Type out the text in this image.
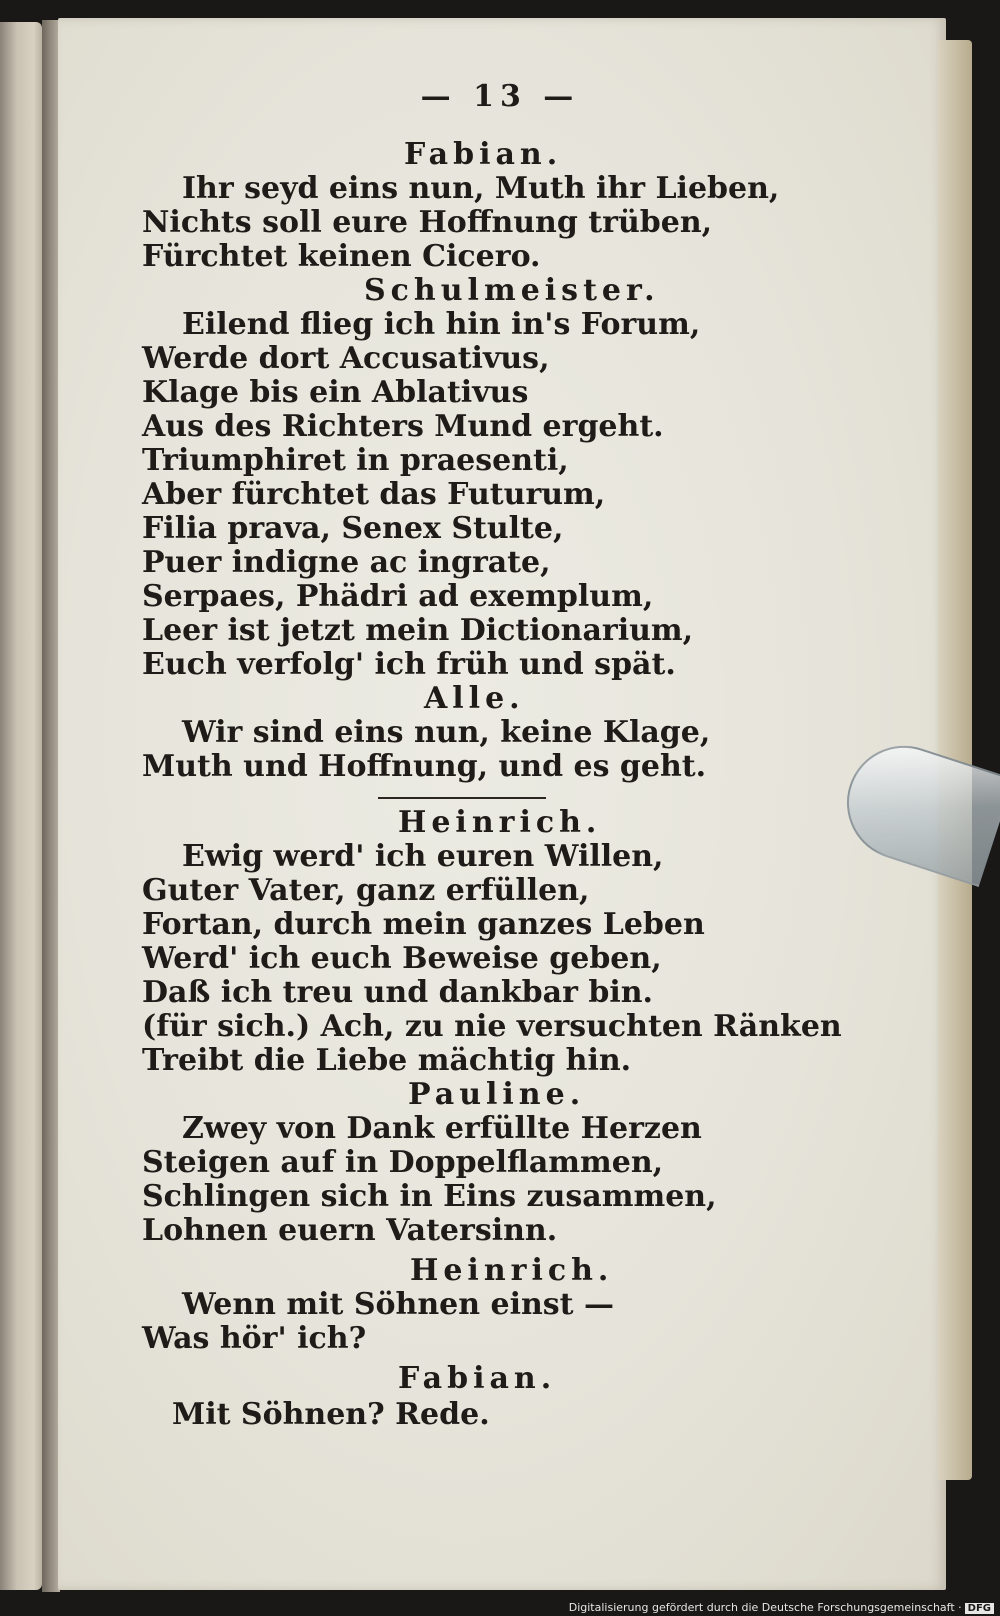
— 13 —
Fabian.
Ihr seyd eins nun, Muth ihr Lieben,
Nichts soll eure Hoffnung trüben,
Fürchtet keinen Cicero.
Schulmeister.
Eilend flieg ich hin in's Forum,
Werde dort Accusativus,
Klage bis ein Ablativus
Aus des Richters Mund ergeht.
Triumphiret in praesenti,
Aber fürchtet das Futurum,
Filia prava, Senex Stulte,
Puer indigne ac ingrate,
Serpaes, Phädri ad exemplum,
Leer ist jetzt mein Dictionarium,
Euch verfolg' ich früh und spät.
Alle.
Wir sind eins nun, keine Klage,
Muth und Hoffnung, und es geht.
Heinrich.
Ewig werd' ich euren Willen,
Guter Vater, ganz erfüllen,
Fortan, durch mein ganzes Leben
Werd' ich euch Beweise geben,
Daß ich treu und dankbar bin.
(für sich.) Ach, zu nie versuchten Ränken
Treibt die Liebe mächtig hin.
Pauline.
Zwey von Dank erfüllte Herzen
Steigen auf in Doppelflammen,
Schlingen sich in Eins zusammen,
Lohnen euern Vatersinn.
Heinrich.
Wenn mit Söhnen einst —
Was hör' ich?
Fabian.
Mit Söhnen? Rede.
Digitalisierung gefördert durch die Deutsche Forschungsgemeinschaft · DFG
